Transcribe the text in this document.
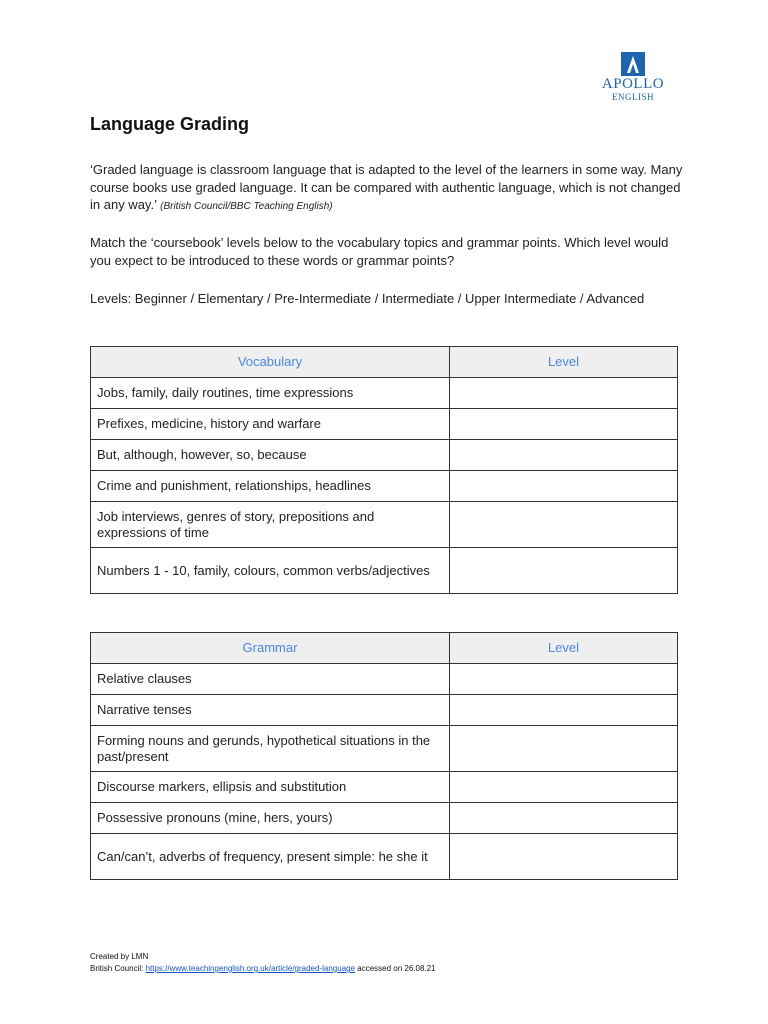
APOLLO
ENGLISH
Language Grading

‘Graded language is classroom language that is adapted to the level of the learners in some way. Many course books use graded language. It can be compared with authentic language, which is not changed in any way.’ (British Council/BBC Teaching English)

Match the ‘coursebook’ levels below to the vocabulary topics and grammar points. Which level would you expect to be introduced to these words or grammar points?

Levels: Beginner / Elementary / Pre-Intermediate / Intermediate / Upper Intermediate / Advanced

Vocabulary	Level
Jobs, family, daily routines, time expressions	
Prefixes, medicine, history and warfare	
But, although, however, so, because	
Crime and punishment, relationships, headlines	
Job interviews, genres of story, prepositions and expressions of time	
Numbers 1 - 10, family, colours, common verbs/adjectives	
Grammar	Level
Relative clauses	
Narrative tenses	
Forming nouns and gerunds, hypothetical situations in the past/present	
Discourse markers, ellipsis and substitution	
Possessive pronouns (mine, hers, yours)	
Can/can’t, adverbs of frequency, present simple: he she it	
Created by LMN
British Council: https://www.teachingenglish.org.uk/article/graded-language accessed on 26.08.21
